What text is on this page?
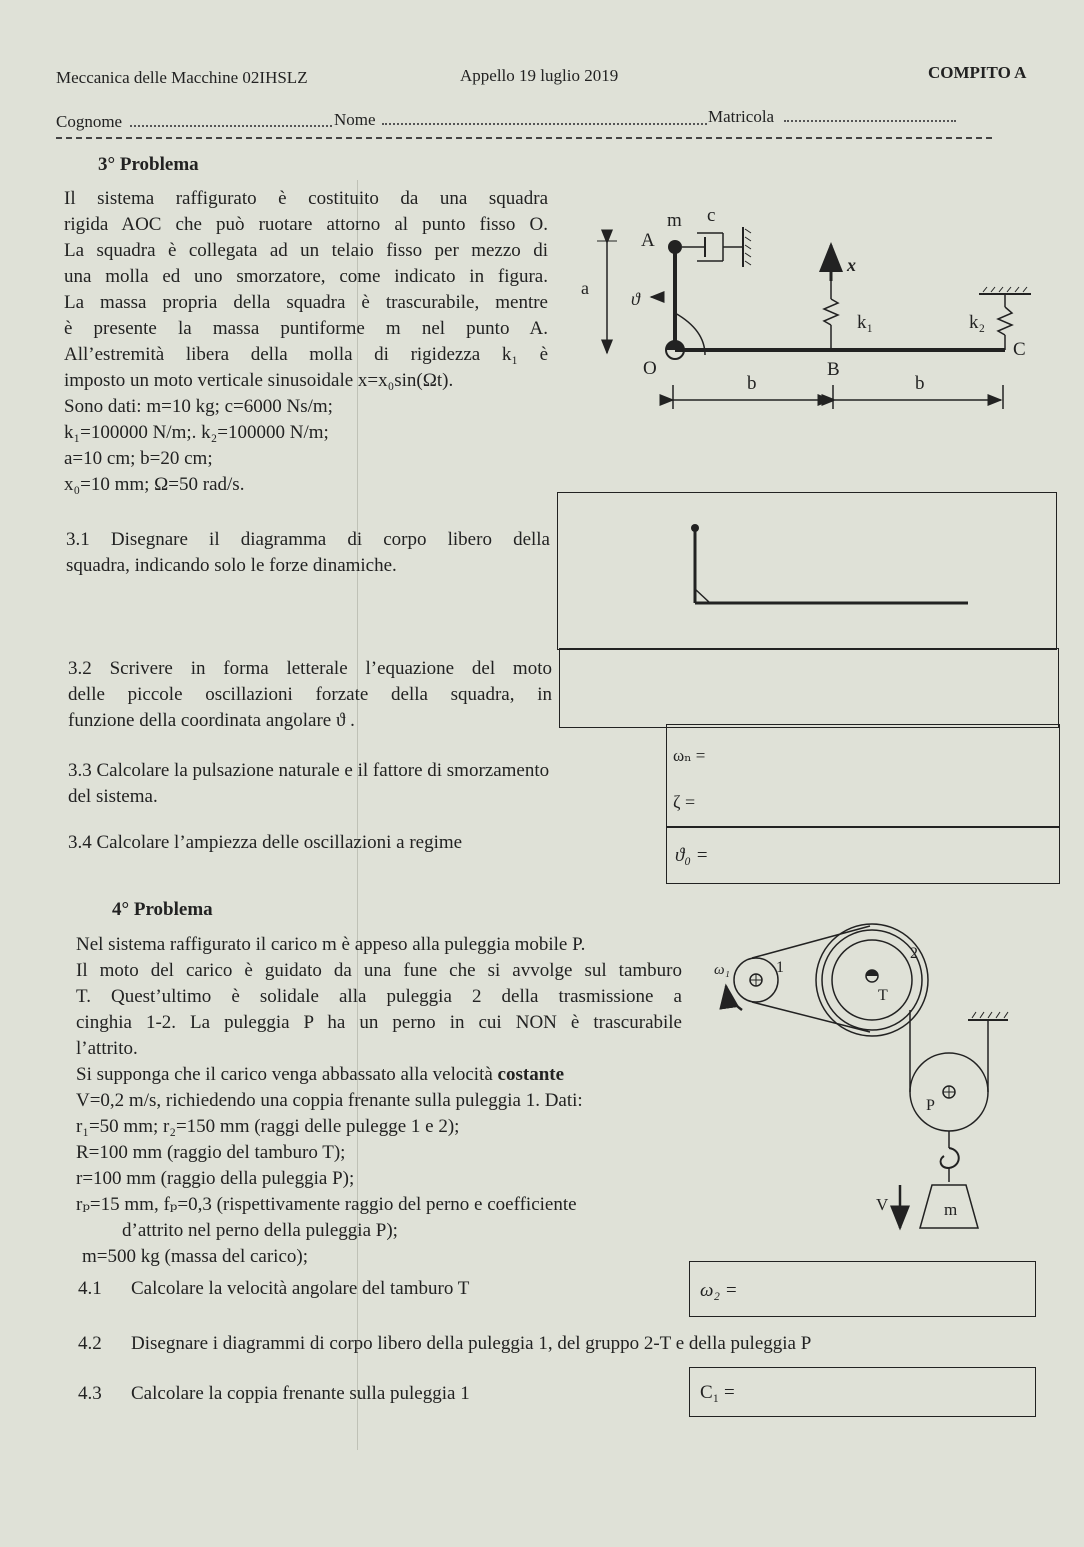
Meccanica delle Macchine 02IHSLZ	Appello 19 luglio 2019	COMPITO A
Cognome	Nome	Matricola
3° Problema
Il sistema raffigurato è costituito da una squadra
rigida AOC che può ruotare attorno al punto fisso O.
La squadra è collegata ad un telaio fisso per mezzo di
una molla ed uno smorzatore, come indicato in figura.
La massa propria della squadra è trascurabile, mentre
è presente la massa puntiforme m nel punto A.
All’estremità libera della molla di rigidezza k₁ è
imposto un moto verticale sinusoidale x=x₀sin(Ωt).
Sono dati: m=10 kg; c=6000 Ns/m;
k₁=100000 N/m;. k₂=100000 N/m;
a=10 cm; b=20 cm;
x₀=10 mm; Ω=50 rad/s.
a
A
m c
ϑ
O
C
x
k₁
B
k₂
b	b
3.1 Disegnare il diagramma di corpo libero della
squadra, indicando solo le forze dinamiche.
3.2 Scrivere in forma letterale l’equazione del moto
delle piccole oscillazioni forzate della squadra, in
funzione della coordinata angolare ϑ .
3.3 Calcolare la pulsazione naturale e il fattore di smorzamento
del sistema.
ωₙ =
ζ =
3.4 Calcolare l’ampiezza delle oscillazioni a regime
ϑ₀ =
4° Problema
Nel sistema raffigurato il carico m è appeso alla puleggia mobile P.
Il moto del carico è guidato da una fune che si avvolge sul tamburo
T. Quest’ultimo è solidale alla puleggia 2 della trasmissione a
cinghia 1-2. La puleggia P ha un perno in cui NON è trascurabile
l’attrito.
Si supponga che il carico venga abbassato alla velocità costante
V=0,2 m/s, richiedendo una coppia frenante sulla puleggia 1. Dati:
r₁=50 mm; r₂=150 mm (raggi delle pulegge 1 e 2);
R=100 mm (raggio del tamburo T);
r=100 mm (raggio della puleggia P);
rₚ=15 mm, fₚ=0,3 (rispettivamente raggio del perno e coefficiente
d’attrito nel perno della puleggia P);
m=500 kg (massa del carico);
ω₁	1
2
T
P
m
V
4.1 Calcolare la velocità angolare del tamburo T	ω₂ =
4.2 Disegnare i diagrammi di corpo libero della puleggia 1, del gruppo 2-T e della puleggia P
4.3 Calcolare la coppia frenante sulla puleggia 1	C₁ =
